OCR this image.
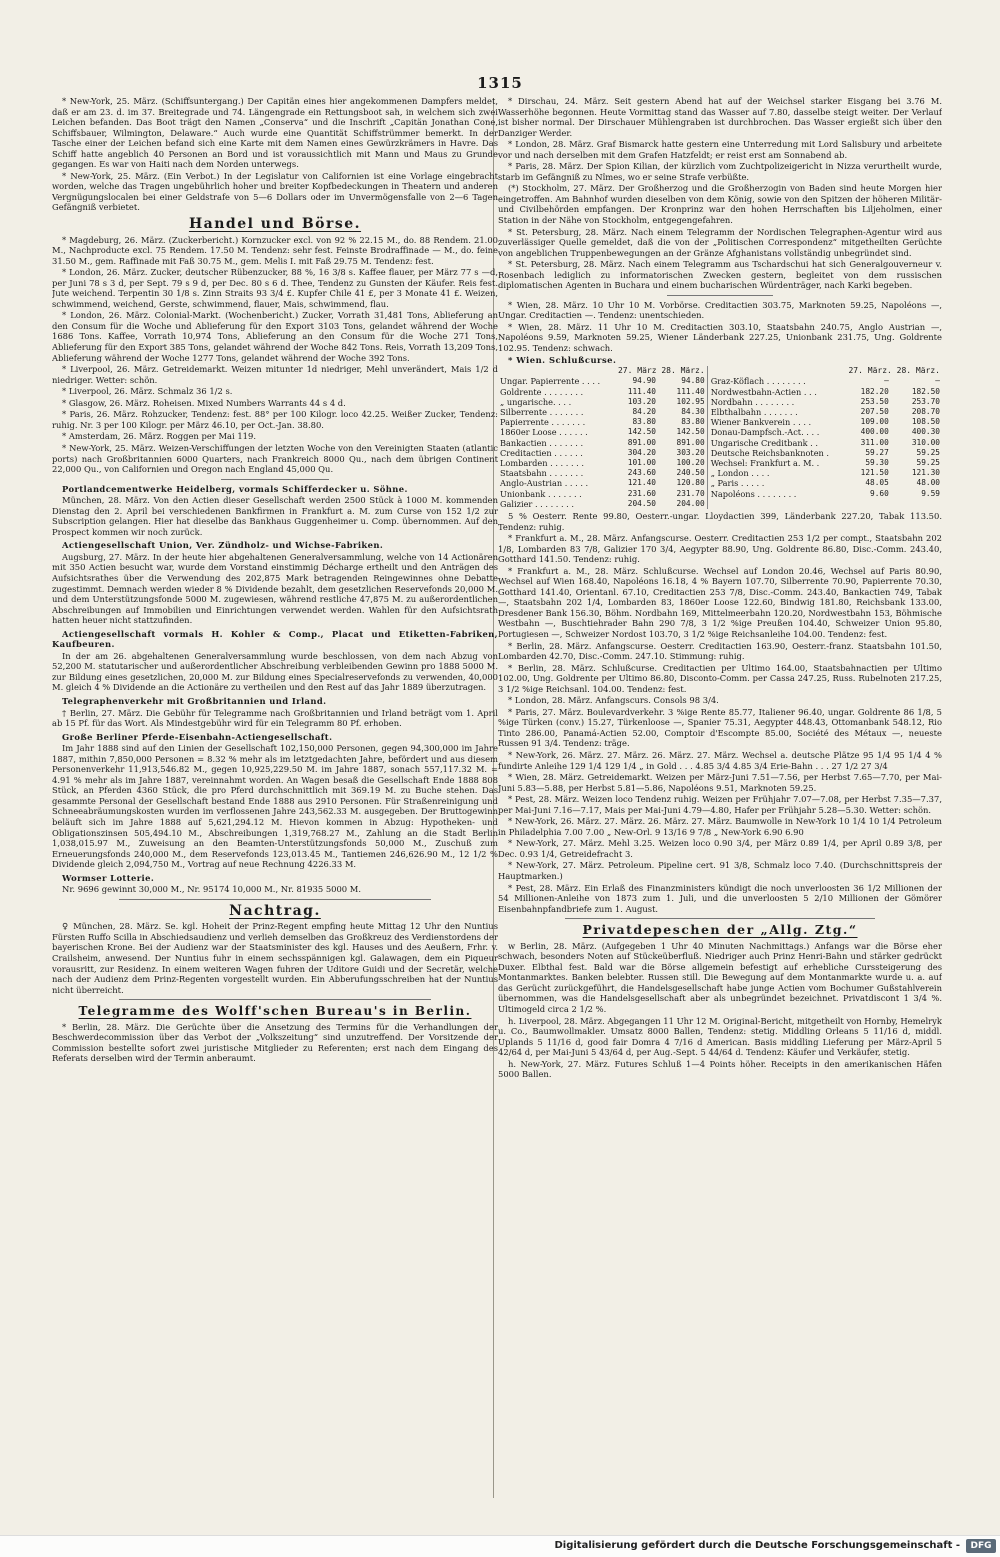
1315

* New-York, 25. März. (Schiffsuntergang.) Der Capitän eines hier angekommenen Dampfers meldet, daß er am 23. d. im 37. Breitegrade und 74. Längengrade ein Rettungsboot sah, in welchem sich zwei Leichen befanden. Das Boot trägt den Namen „Conserva“ und die Inschrift „Capitän Jonathan Cone, Schiffsbauer, Wilmington, Delaware.“ Auch wurde eine Quantität Schiffstrümmer bemerkt. In der Tasche einer der Leichen befand sich eine Karte mit dem Namen eines Gewürzkrämers in Havre. Das Schiff hatte angeblich 40 Personen an Bord und ist voraussichtlich mit Mann und Maus zu Grunde gegangen. Es war von Haiti nach dem Norden unterwegs.

* New-York, 25. März. (Ein Verbot.) In der Legislatur von Californien ist eine Vorlage eingebracht worden, welche das Tragen ungebührlich hoher und breiter Kopfbedeckungen in Theatern und anderen Vergnügungslocalen bei einer Geldstrafe von 5—6 Dollars oder im Unvermögensfalle von 2—6 Tagen Gefängniß verbietet.

Handel und Börse.

* Magdeburg, 26. März. (Zuckerbericht.) Kornzucker excl. von 92 % 22.15 M., do. 88 Rendem. 21.00 M., Nachproducte excl. 75 Rendem. 17.50 M. Tendenz: sehr fest. Feinste Brodraffinade — M., do. feine 31.50 M., gem. Raffinade mit Faß 30.75 M., gem. Melis I. mit Faß 29.75 M. Tendenz: fest.

* London, 26. März. Zucker, deutscher Rübenzucker, 88 %, 16 3/8 s. Kaffee flauer, per März 77 s —d, per Juni 78 s 3 d, per Sept. 79 s 9 d, per Dec. 80 s 6 d. Thee, Tendenz zu Gunsten der Käufer. Reis fest. Jute weichend. Terpentin 30 1/8 s. Zinn Straits 93 3/4 £. Kupfer Chile 41 £, per 3 Monate 41 £. Weizen, schwimmend, weichend, Gerste, schwimmend, flauer, Mais, schwimmend, flau.

* London, 26. März. Colonial-Markt. (Wochenbericht.) Zucker, Vorrath 31,481 Tons, Ablieferung an den Consum für die Woche und Ablieferung für den Export 3103 Tons, gelandet während der Woche 1686 Tons. Kaffee, Vorrath 10,974 Tons, Ablieferung an den Consum für die Woche 271 Tons, Ablieferung für den Export 385 Tons, gelandet während der Woche 842 Tons. Reis, Vorrath 13,209 Tons, Ablieferung während der Woche 1277 Tons, gelandet während der Woche 392 Tons.

* Liverpool, 26. März. Getreidemarkt. Weizen mitunter 1d niedriger, Mehl unverändert, Mais 1/2 d niedriger. Wetter: schön.

* Liverpool, 26. März. Schmalz 36 1/2 s.

* Glasgow, 26. März. Roheisen. Mixed Numbers Warrants 44 s 4 d.

* Paris, 26. März. Rohzucker, Tendenz: fest. 88° per 100 Kilogr. loco 42.25. Weißer Zucker, Tendenz: ruhig. Nr. 3 per 100 Kilogr. per März 46.10, per Oct.-Jan. 38.80.

* Amsterdam, 26. März. Roggen per Mai 119.

* New-York, 25. März. Weizen-Verschiffungen der letzten Woche von den Vereinigten Staaten (atlantic ports) nach Großbritannien 6000 Quarters, nach Frankreich 8000 Qu., nach dem übrigen Continent 22,000 Qu., von Californien und Oregon nach England 45,000 Qu.

Portlandcementwerke Heidelberg, vormals Schifferdecker u. Söhne.

München, 28. März. Von den Actien dieser Gesellschaft werden 2500 Stück à 1000 M. kommenden Dienstag den 2. April bei verschiedenen Bankfirmen in Frankfurt a. M. zum Curse von 152 1/2 zur Subscription gelangen. Hier hat dieselbe das Bankhaus Guggenheimer u. Comp. übernommen. Auf den Prospect kommen wir noch zurück.

Actiengesellschaft Union, Ver. Zündholz- und Wichse-Fabriken.

Augsburg, 27. März. In der heute hier abgehaltenen Generalversammlung, welche von 14 Actionären mit 350 Actien besucht war, wurde dem Vorstand einstimmig Décharge ertheilt und den Anträgen des Aufsichtsrathes über die Verwendung des 202,875 Mark betragenden Reingewinnes ohne Debatte zugestimmt. Demnach werden wieder 8 % Dividende bezahlt, dem gesetzlichen Reservefonds 20,000 M. und dem Unterstützungsfonde 5000 M. zugewiesen, während restliche 47,875 M. zu außerordentlichen Abschreibungen auf Immobilien und Einrichtungen verwendet werden. Wahlen für den Aufsichtsrath hatten heuer nicht stattzufinden.

Actiengesellschaft vormals H. Kohler & Comp., Placat und Etiketten-Fabriken, Kaufbeuren.

In der am 26. abgehaltenen Generalversammlung wurde beschlossen, von dem nach Abzug von 52,200 M. statutarischer und außerordentlicher Abschreibung verbleibenden Gewinn pro 1888 5000 M. zur Bildung eines gesetzlichen, 20,000 M. zur Bildung eines Specialreservefonds zu verwenden, 40,000 M. gleich 4 % Dividende an die Actionäre zu vertheilen und den Rest auf das Jahr 1889 überzutragen.

Telegraphenverkehr mit Großbritannien und Irland.

† Berlin, 27. März. Die Gebühr für Telegramme nach Großbritannien und Irland beträgt vom 1. April ab 15 Pf. für das Wort. Als Mindestgebühr wird für ein Telegramm 80 Pf. erhoben.

Große Berliner Pferde-Eisenbahn-Actiengesellschaft.

Im Jahr 1888 sind auf den Linien der Gesellschaft 102,150,000 Personen, gegen 94,300,000 im Jahre 1887, mithin 7,850,000 Personen = 8.32 % mehr als im letztgedachten Jahre, befördert und aus diesem Personenverkehr 11,913,546.82 M., gegen 10,925,229.50 M. im Jahre 1887, sonach 557,117.32 M. = 4.91 % mehr als im Jahre 1887, vereinnahmt worden. An Wagen besaß die Gesellschaft Ende 1888 808 Stück, an Pferden 4360 Stück, die pro Pferd durchschnittlich mit 369.19 M. zu Buche stehen. Das gesammte Personal der Gesellschaft bestand Ende 1888 aus 2910 Personen. Für Straßenreinigung und Schneeabräumungskosten wurden im verflossenen Jahre 243,562.33 M. ausgegeben. Der Bruttogewinn beläuft sich im Jahre 1888 auf 5,621,294.12 M. Hievon kommen in Abzug: Hypotheken- und Obligationszinsen 505,494.10 M., Abschreibungen 1,319,768.27 M., Zahlung an die Stadt Berlin 1,038,015.97 M., Zuweisung an den Beamten-Unterstützungsfonds 50,000 M., Zuschuß zum Erneuerungsfonds 240,000 M., dem Reservefonds 123,013.45 M., Tantiemen 246,626.90 M., 12 1/2 % Dividende gleich 2,094,750 M., Vortrag auf neue Rechnung 4226.33 M.

Wormser Lotterie.

Nr. 9696 gewinnt 30,000 M., Nr. 95174 10,000 M., Nr. 81935 5000 M.

Nachtrag.

♀ München, 28. März. Se. kgl. Hoheit der Prinz-Regent empfing heute Mittag 12 Uhr den Nuntius Fürsten Ruffo Scilla in Abschiedsaudienz und verlieh demselben das Großkreuz des Verdienstordens der bayerischen Krone. Bei der Audienz war der Staatsminister des kgl. Hauses und des Aeußern, Frhr. v. Crailsheim, anwesend. Der Nuntius fuhr in einem sechsspännigen kgl. Galawagen, dem ein Piqueur vorausritt, zur Residenz. In einem weiteren Wagen fuhren der Uditore Guidi und der Secretär, welche nach der Audienz dem Prinz-Regenten vorgestellt wurden. Ein Abberufungsschreiben hat der Nuntius nicht überreicht.

Telegramme des Wolff'schen Bureau's in Berlin.

* Berlin, 28. März. Die Gerüchte über die Ansetzung des Termins für die Verhandlungen der Beschwerdecommission über das Verbot der „Volkszeitung“ sind unzutreffend. Der Vorsitzende der Commission bestellte sofort zwei juristische Mitglieder zu Referenten; erst nach dem Eingang des Referats derselben wird der Termin anberaumt.

* Dirschau, 24. März. Seit gestern Abend hat auf der Weichsel starker Eisgang bei 3.76 M. Wasserhöhe begonnen. Heute Vormittag stand das Wasser auf 7.80, dasselbe steigt weiter. Der Verlauf ist bisher normal. Der Dirschauer Mühlengraben ist durchbrochen. Das Wasser ergießt sich über den Danziger Werder.

* London, 28. März. Graf Bismarck hatte gestern eine Unterredung mit Lord Salisbury und arbeitete vor und nach derselben mit dem Grafen Hatzfeldt; er reist erst am Sonnabend ab.

* Paris, 28. März. Der Spion Kilian, der kürzlich vom Zuchtpolizeigericht in Nizza verurtheilt wurde, starb im Gefängniß zu Nîmes, wo er seine Strafe verbüßte.

(*) Stockholm, 27. März. Der Großherzog und die Großherzogin von Baden sind heute Morgen hier eingetroffen. Am Bahnhof wurden dieselben von dem König, sowie von den Spitzen der höheren Militär- und Civilbehörden empfangen. Der Kronprinz war den hohen Herrschaften bis Liljeholmen, einer Station in der Nähe von Stockholm, entgegengefahren.

* St. Petersburg, 28. März. Nach einem Telegramm der Nordischen Telegraphen-Agentur wird aus zuverlässiger Quelle gemeldet, daß die von der „Politischen Correspondenz“ mitgetheilten Gerüchte von angeblichen Truppenbewegungen an der Gränze Afghanistans vollständig unbegründet sind.

* St. Petersburg, 28. März. Nach einem Telegramm aus Tschardschui hat sich Generalgouverneur v. Rosenbach lediglich zu informatorischen Zwecken gestern, begleitet von dem russischen diplomatischen Agenten in Buchara und einem bucharischen Würdenträger, nach Karki begeben.

* Wien, 28. März. 10 Uhr 10 M. Vorbörse. Creditactien 303.75, Marknoten 59.25, Napoléons —, Ungar. Creditactien —. Tendenz: unentschieden.

* Wien, 28. März. 11 Uhr 10 M. Creditactien 303.10, Staatsbahn 240.75, Anglo Austrian —, Napoléons 9.59, Marknoten 59.25, Wiener Länderbank 227.25, Unionbank 231.75, Ung. Goldrente 102.95. Tendenz: schwach.

* Wien. Schlußcurse.

	27. März 28. März.				27. März. 28. März.	
Ungar. Papierrente . . . .	94.90	94.80		Graz-Köflach . . . . . . . .	—	—
Goldrente . . . . . . . .	111.40	111.40		Nordwestbahn-Actien . . .	182.20	182.50
„ ungarische. . . .	103.20	102.95		Nordbahn . . . . . . . .	253.50	253.70
Silberrente . . . . . . .	84.20	84.30		Elbthalbahn . . . . . . .	207.50	208.70
Papierrente . . . . . . .	83.80	83.80		Wiener Bankverein . . . .	109.00	108.50
1860er Loose . . . . . .	142.50	142.50		Donau-Dampfsch.-Act. . . .	400.00	400.30
Bankactien . . . . . . .	891.00	891.00		Ungarische Creditbank . .	311.00	310.00
Creditactien . . . . . .	304.20	303.20		Deutsche Reichsbanknoten .	59.27	59.25
Lombarden . . . . . . .	101.00	100.20		Wechsel: Frankfurt a. M. .	59.30	59.25
Staatsbahn . . . . . . .	243.60	240.50		„ London . . . .	121.50	121.30
Anglo-Austrian . . . . .	121.40	120.80		„ Paris . . . . .	48.05	48.00
Unionbank . . . . . . .	231.60	231.70		Napoléons . . . . . . . .	9.60	9.59
Galizier . . . . . . . .	204.50	204.00				

5 % Oesterr. Rente 99.80, Oesterr.-ungar. Lloydactien 399, Länderbank 227.20, Tabak 113.50. Tendenz: ruhig.

* Frankfurt a. M., 28. März. Anfangscurse. Oesterr. Creditactien 253 1/2 per compt., Staatsbahn 202 1/8, Lombarden 83 7/8, Galizier 170 3/4, Aegypter 88.90, Ung. Goldrente 86.80, Disc.-Comm. 243.40, Gotthard 141.50. Tendenz: ruhig.

* Frankfurt a. M., 28. März. Schlußcurse. Wechsel auf London 20.46, Wechsel auf Paris 80.90, Wechsel auf Wien 168.40, Napoléons 16.18, 4 % Bayern 107.70, Silberrente 70.90, Papierrente 70.30, Gotthard 141.40, Orientanl. 67.10, Creditactien 253 7/8, Disc.-Comm. 243.40, Bankactien 749, Tabak —, Staatsbahn 202 1/4, Lombarden 83, 1860er Loose 122.60, Bindwig 181.80, Reichsbank 133.00, Dresdener Bank 156.30, Böhm. Nordbahn 169, Mittelmeerbahn 120.20, Nordwestbahn 153, Böhmische Westbahn —, Buschtiehrader Bahn 290 7/8, 3 1/2 %ige Preußen 104.40, Schweizer Union 95.80, Portugiesen —, Schweizer Nordost 103.70, 3 1/2 %ige Reichsanleihe 104.00. Tendenz: fest.

* Berlin, 28. März. Anfangscurse. Oesterr. Creditactien 163.90, Oesterr.-franz. Staatsbahn 101.50, Lombarden 42.70, Disc.-Comm. 247.10. Stimmung: ruhig.

* Berlin, 28. März. Schlußcurse. Creditactien per Ultimo 164.00, Staatsbahnactien per Ultimo 102.00, Ung. Goldrente per Ultimo 86.80, Disconto-Comm. per Cassa 247.25, Russ. Rubelnoten 217.25, 3 1/2 %ige Reichsanl. 104.00. Tendenz: fest.

* London, 28. März. Anfangscurs. Consols 98 3/4.

* Paris, 27. März. Boulevardverkehr. 3 %ige Rente 85.77, Italiener 96.40, ungar. Goldrente 86 1/8, 5 %ige Türken (conv.) 15.27, Türkenloose —, Spanier 75.31, Aegypter 448.43, Ottomanbank 548.12, Rio Tinto 286.00, Panamá-Actien 52.00, Comptoir d'Escompte 85.00, Société des Métaux —, neueste Russen 91 3/4. Tendenz: träge.

* New-York, 26. März. 27. März. 26. März. 27. März. Wechsel a. deutsche Plätze 95 1/4 95 1/4 4 % fundirte Anleihe 129 1/4 129 1/4 „ in Gold . . . 4.85 3/4 4.85 3/4 Erie-Bahn . . . 27 1/2 27 3/4

* Wien, 28. März. Getreidemarkt. Weizen per März-Juni 7.51—7.56, per Herbst 7.65—7.70, per Mai-Juni 5.83—5.88, per Herbst 5.81—5.86, Napoléons 9.51, Marknoten 59.25.

* Pest, 28. März. Weizen loco Tendenz ruhig. Weizen per Frühjahr 7.07—7.08, per Herbst 7.35—7.37, per Mai-Juni 7.16—7.17, Mais per Mai-Juni 4.79—4.80, Hafer per Frühjahr 5.28—5.30. Wetter: schön.

* New-York, 26. März. 27. März. 26. März. 27. März. Baumwolle in New-York 10 1/4 10 1/4 Petroleum in Philadelphia 7.00 7.00 „ New-Orl. 9 13/16 9 7/8 „ New-York 6.90 6.90

* New-York, 27. März. Mehl 3.25. Weizen loco 0.90 3/4, per März 0.89 1/4, per April 0.89 3/8, per Dec. 0.93 1/4, Getreidefracht 3.

* New-York, 27. März. Petroleum. Pipeline cert. 91 3/8, Schmalz loco 7.40. (Durchschnittspreis der Hauptmarken.)

* Pest, 28. März. Ein Erlaß des Finanzministers kündigt die noch unverloosten 36 1/2 Millionen der 54 Millionen-Anleihe von 1873 zum 1. Juli, und die unverloosten 5 2/10 Millionen der Gömörer Eisenbahnpfandbriefe zum 1. August.

Privatdepeschen der „Allg. Ztg.“

w Berlin, 28. März. (Aufgegeben 1 Uhr 40 Minuten Nachmittags.) Anfangs war die Börse eher schwach, besonders Noten auf Stückeüberfluß. Niedriger auch Prinz Henri-Bahn und stärker gedrückt Duxer. Elbthal fest. Bald war die Börse allgemein befestigt auf erhebliche Curssteigerung des Montanmarktes. Banken belebter. Russen still. Die Bewegung auf dem Montanmarkte wurde u. a. auf das Gerücht zurückgeführt, die Handelsgesellschaft habe junge Actien vom Bochumer Gußstahlverein übernommen, was die Handelsgesellschaft aber als unbegründet bezeichnet. Privatdiscont 1 3/4 %. Ultimogeld circa 2 1/2 %.

h. Liverpool, 28. März. Abgegangen 11 Uhr 12 M. Original-Bericht, mitgetheilt von Hornby, Hemelryk u. Co., Baumwollmakler. Umsatz 8000 Ballen, Tendenz: stetig. Middling Orleans 5 11/16 d, middl. Uplands 5 11/16 d, good fair Domra 4 7/16 d American. Basis middling Lieferung per März-April 5 42/64 d, per Mai-Juni 5 43/64 d, per Aug.-Sept. 5 44/64 d. Tendenz: Käufer und Verkäufer, stetig.

h. New-York, 27. März. Futures Schluß 1—4 Points höher. Receipts in den amerikanischen Häfen 5000 Ballen.

Digitalisierung gefördert durch die Deutsche Forschungsgemeinschaft -	DFG
